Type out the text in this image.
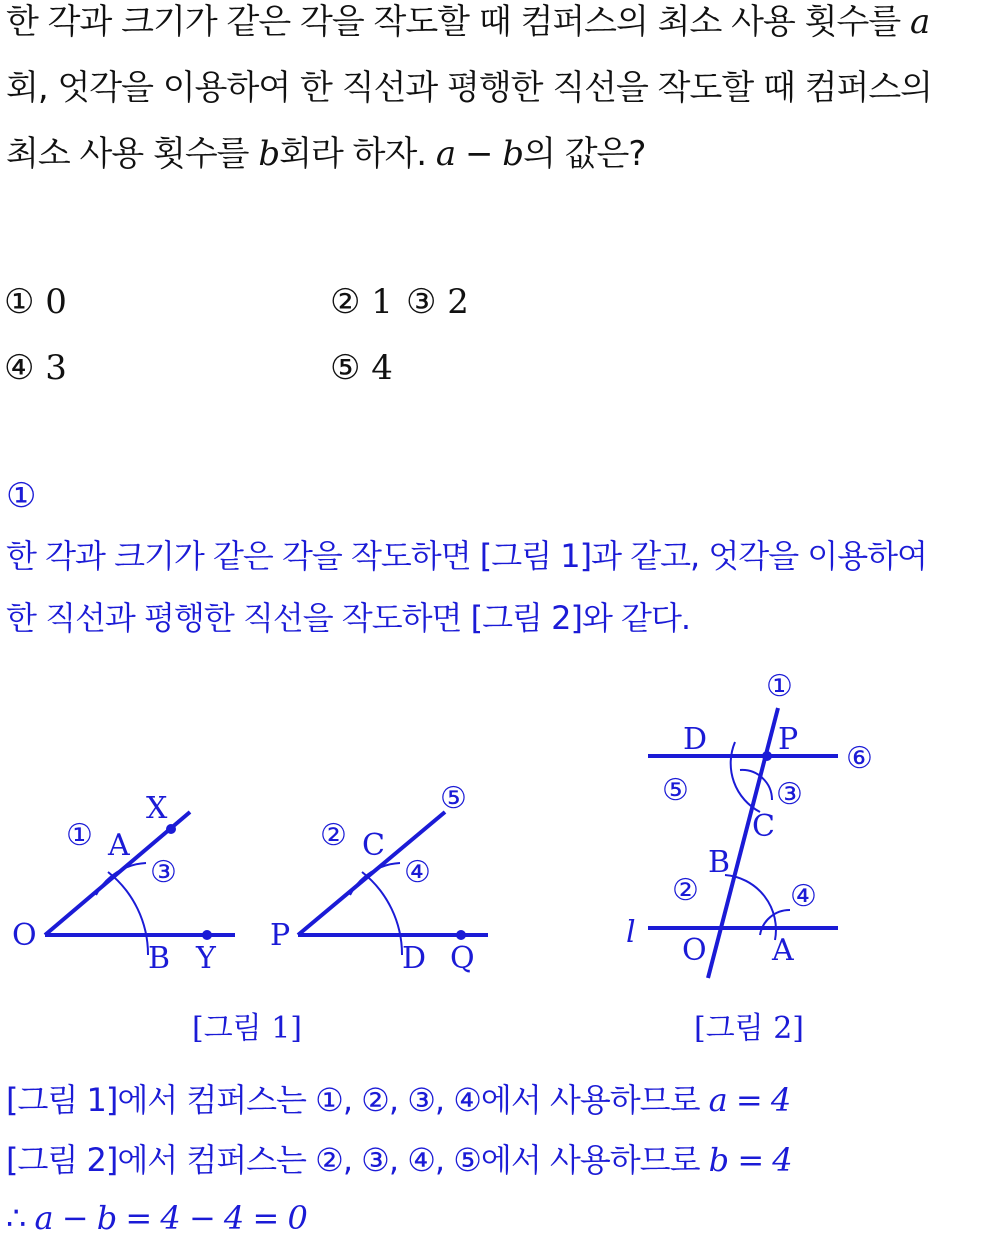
한 각과 크기가 같은 각을 작도할 때 컴퍼스의 최소 사용 횟수를 a
회, 엇각을 이용하여 한 직선과 평행한 직선을 작도할 때 컴퍼스의
최소 사용 횟수를 b회라 하자. a − b의 값은?
① 0	② 1 ③ 2
④ 3	⑤ 4
①
한 각과 크기가 같은 각을 작도하면 [그림 1]과 같고, 엇각을 이용하여
한 직선과 평행한 직선을 작도하면 [그림 2]와 같다.
O
A
B
X
Y
①
③
P
C
D Q
②
④
⑤
l
O A
B
C
D P
①
②
③
④
⑤
⑥
[그림 1]	[그림 2]
[그림 1]에서 컴퍼스는 ①, ②, ③, ④에서 사용하므로 a = 4
[그림 2]에서 컴퍼스는 ②, ③, ④, ⑤에서 사용하므로 b = 4
∴ a − b = 4 − 4 = 0
